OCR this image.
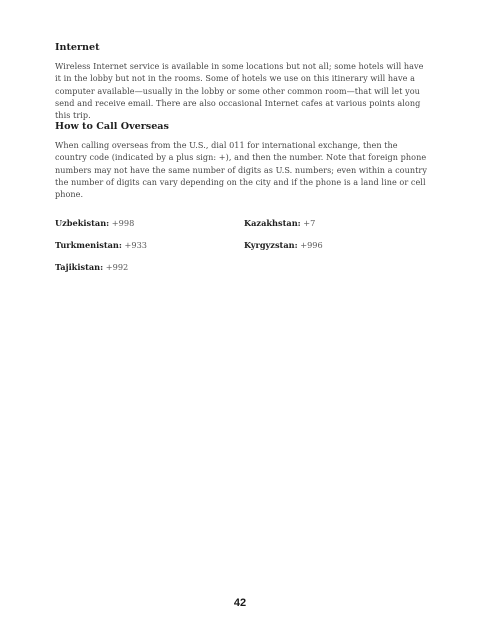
Internet

Wireless Internet service is available in some locations but not all; some hotels will have it in the lobby but not in the rooms. Some of hotels we use on this itinerary will have a computer available—usually in the lobby or some other common room—that will let you send and receive email. There are also occasional Internet cafes at various points along this trip.

How to Call Overseas

When calling overseas from the U.S., dial 011 for international exchange, then the country code (indicated by a plus sign: +), and then the number. Note that foreign phone numbers may not have the same number of digits as U.S. numbers; even within a country the number of digits can vary depending on the city and if the phone is a land line or cell phone.

Uzbekistan: +998	Kazakhstan: +7
Turkmenistan: +933	Kyrgyzstan: +996
Tajikistan: +992
42
